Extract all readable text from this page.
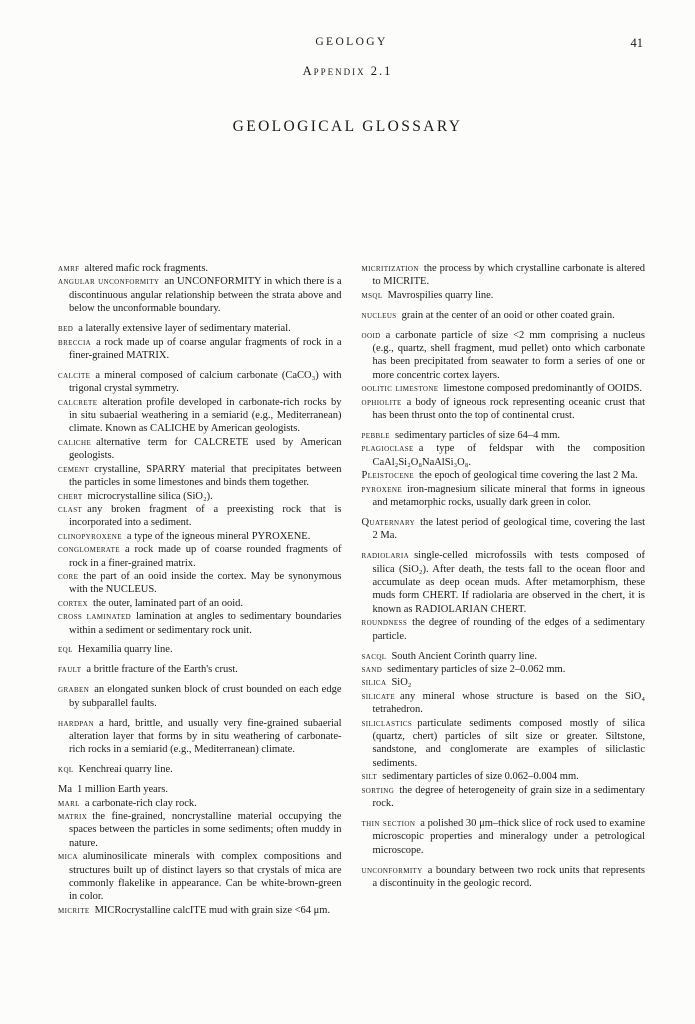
GEOLOGY	41
Appendix 2.1
GEOLOGICAL GLOSSARY

amrf altered mafic rock fragments.

angular unconformity an UNCONFORMITY in which there is a discontinuous angular relationship between the strata above and below the unconformable boundary.

bed a laterally extensive layer of sedimentary material.

breccia a rock made up of coarse angular fragments of rock in a finer-grained MATRIX.

calcite a mineral composed of calcium carbonate (CaCO₃) with trigonal crystal symmetry.

calcrete alteration profile developed in carbonate-rich rocks by in situ subaerial weathering in a semiarid (e.g., Mediterranean) climate. Known as CALICHE by American geologists.

caliche alternative term for CALCRETE used by American geologists.

cement crystalline, SPARRY material that precipitates between the particles in some limestones and binds them together.

chert microcrystalline silica (SiO₂).

clast any broken fragment of a preexisting rock that is incorporated into a sediment.

clinopyroxene a type of the igneous mineral PYROXENE.

conglomerate a rock made up of coarse rounded fragments of rock in a finer-grained matrix.

core the part of an ooid inside the cortex. May be synonymous with the NUCLEUS.

cortex the outer, laminated part of an ooid.

cross laminated lamination at angles to sedimentary boundaries within a sediment or sedimentary rock unit.

eql Hexamilia quarry line.

fault a brittle fracture of the Earth's crust.

graben an elongated sunken block of crust bounded on each edge by subparallel faults.

hardpan a hard, brittle, and usually very fine-grained subaerial alteration layer that forms by in situ weathering of carbonate-rich rocks in a semiarid (e.g., Mediterranean) climate.

kql Kenchreai quarry line.

Ma 1 million Earth years.

marl a carbonate-rich clay rock.

matrix the fine-grained, noncrystalline material occupying the spaces between the particles in some sediments; often muddy in nature.

mica aluminosilicate minerals with complex compositions and structures built up of distinct layers so that crystals of mica are commonly flakelike in appearance. Can be white-brown-green in color.

micrite MICRocrystalline calcITE mud with grain size <64 μm.

micritization the process by which crystalline carbonate is altered to MICRITE.

msql Mavrospilies quarry line.

nucleus grain at the center of an ooid or other coated grain.

ooid a carbonate particle of size <2 mm comprising a nucleus (e.g., quartz, shell fragment, mud pellet) onto which carbonate has been precipitated from seawater to form a series of one or more concentric cortex layers.

oolitic limestone limestone composed predominantly of OOIDS.

ophiolite a body of igneous rock representing oceanic crust that has been thrust onto the top of continental crust.

pebble sedimentary particles of size 64–4 mm.

plagioclase a type of feldspar with the composition CaAl₂Si₂O₈NaAlSi₃O₈.

Pleistocene the epoch of geological time covering the last 2 Ma.

pyroxene iron-magnesium silicate mineral that forms in igneous and metamorphic rocks, usually dark green in color.

Quaternary the latest period of geological time, covering the last 2 Ma.

radiolaria single-celled microfossils with tests composed of silica (SiO₂). After death, the tests fall to the ocean floor and accumulate as deep ocean muds. After metamorphism, these muds form CHERT. If radiolaria are observed in the chert, it is known as RADIOLARIAN CHERT.

roundness the degree of rounding of the edges of a sedimentary particle.

sacql South Ancient Corinth quarry line.

sand sedimentary particles of size 2–0.062 mm.

silica SiO₂

silicate any mineral whose structure is based on the SiO₄ tetrahedron.

siliclastics particulate sediments composed mostly of silica (quartz, chert) particles of silt size or greater. Siltstone, sandstone, and conglomerate are examples of siliclastic sediments.

silt sedimentary particles of size 0.062–0.004 mm.

sorting the degree of heterogeneity of grain size in a sedimentary rock.

thin section a polished 30 μm–thick slice of rock used to examine microscopic properties and mineralogy under a petrological microscope.

unconformity a boundary between two rock units that represents a discontinuity in the geologic record.
